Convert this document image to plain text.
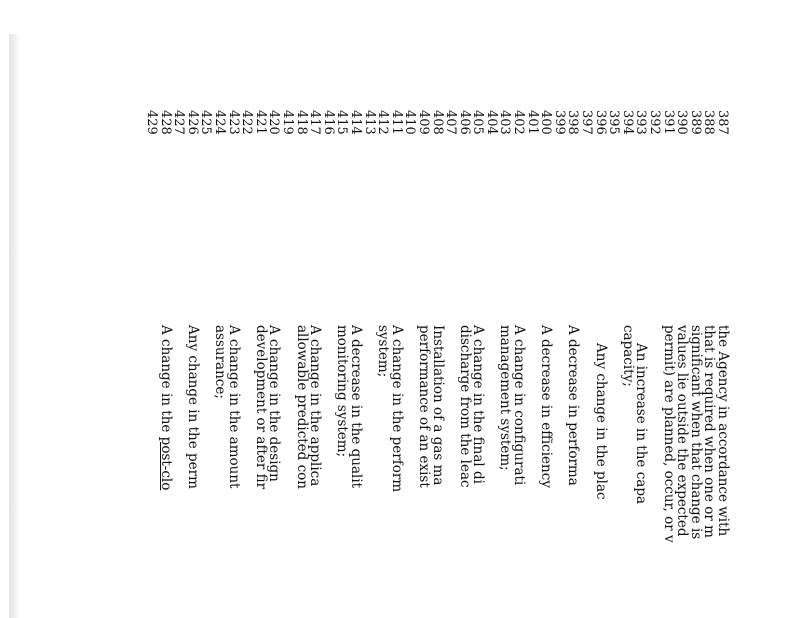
387
388
389
390
391
392
393
394
395
396
397
398
399
400
401
402
403
404
405
406
407
408
409
410
411
412
413
414
415
416
417
418
419
420
421
422
423
424
425
426
427
428
429
the Agency in accordance with
that is required when one or m
significant when that change is
values lie outside the expected
permit) are planned, occur, or v
An increase in the capa
capacity;
Any change in the plac
A decrease in performa
A decrease in efficiency
A change in configurati
management system;
A change in the final di
discharge from the leac
Installation of a gas ma
performance of an exist
A change in the perform
system;
A decrease in the qualit
monitoring system;
A change in the applica
allowable predicted con
A change in the design
development or after fir
A change in the amount
assurance;
Any change in the perm
A change in the post-clo
